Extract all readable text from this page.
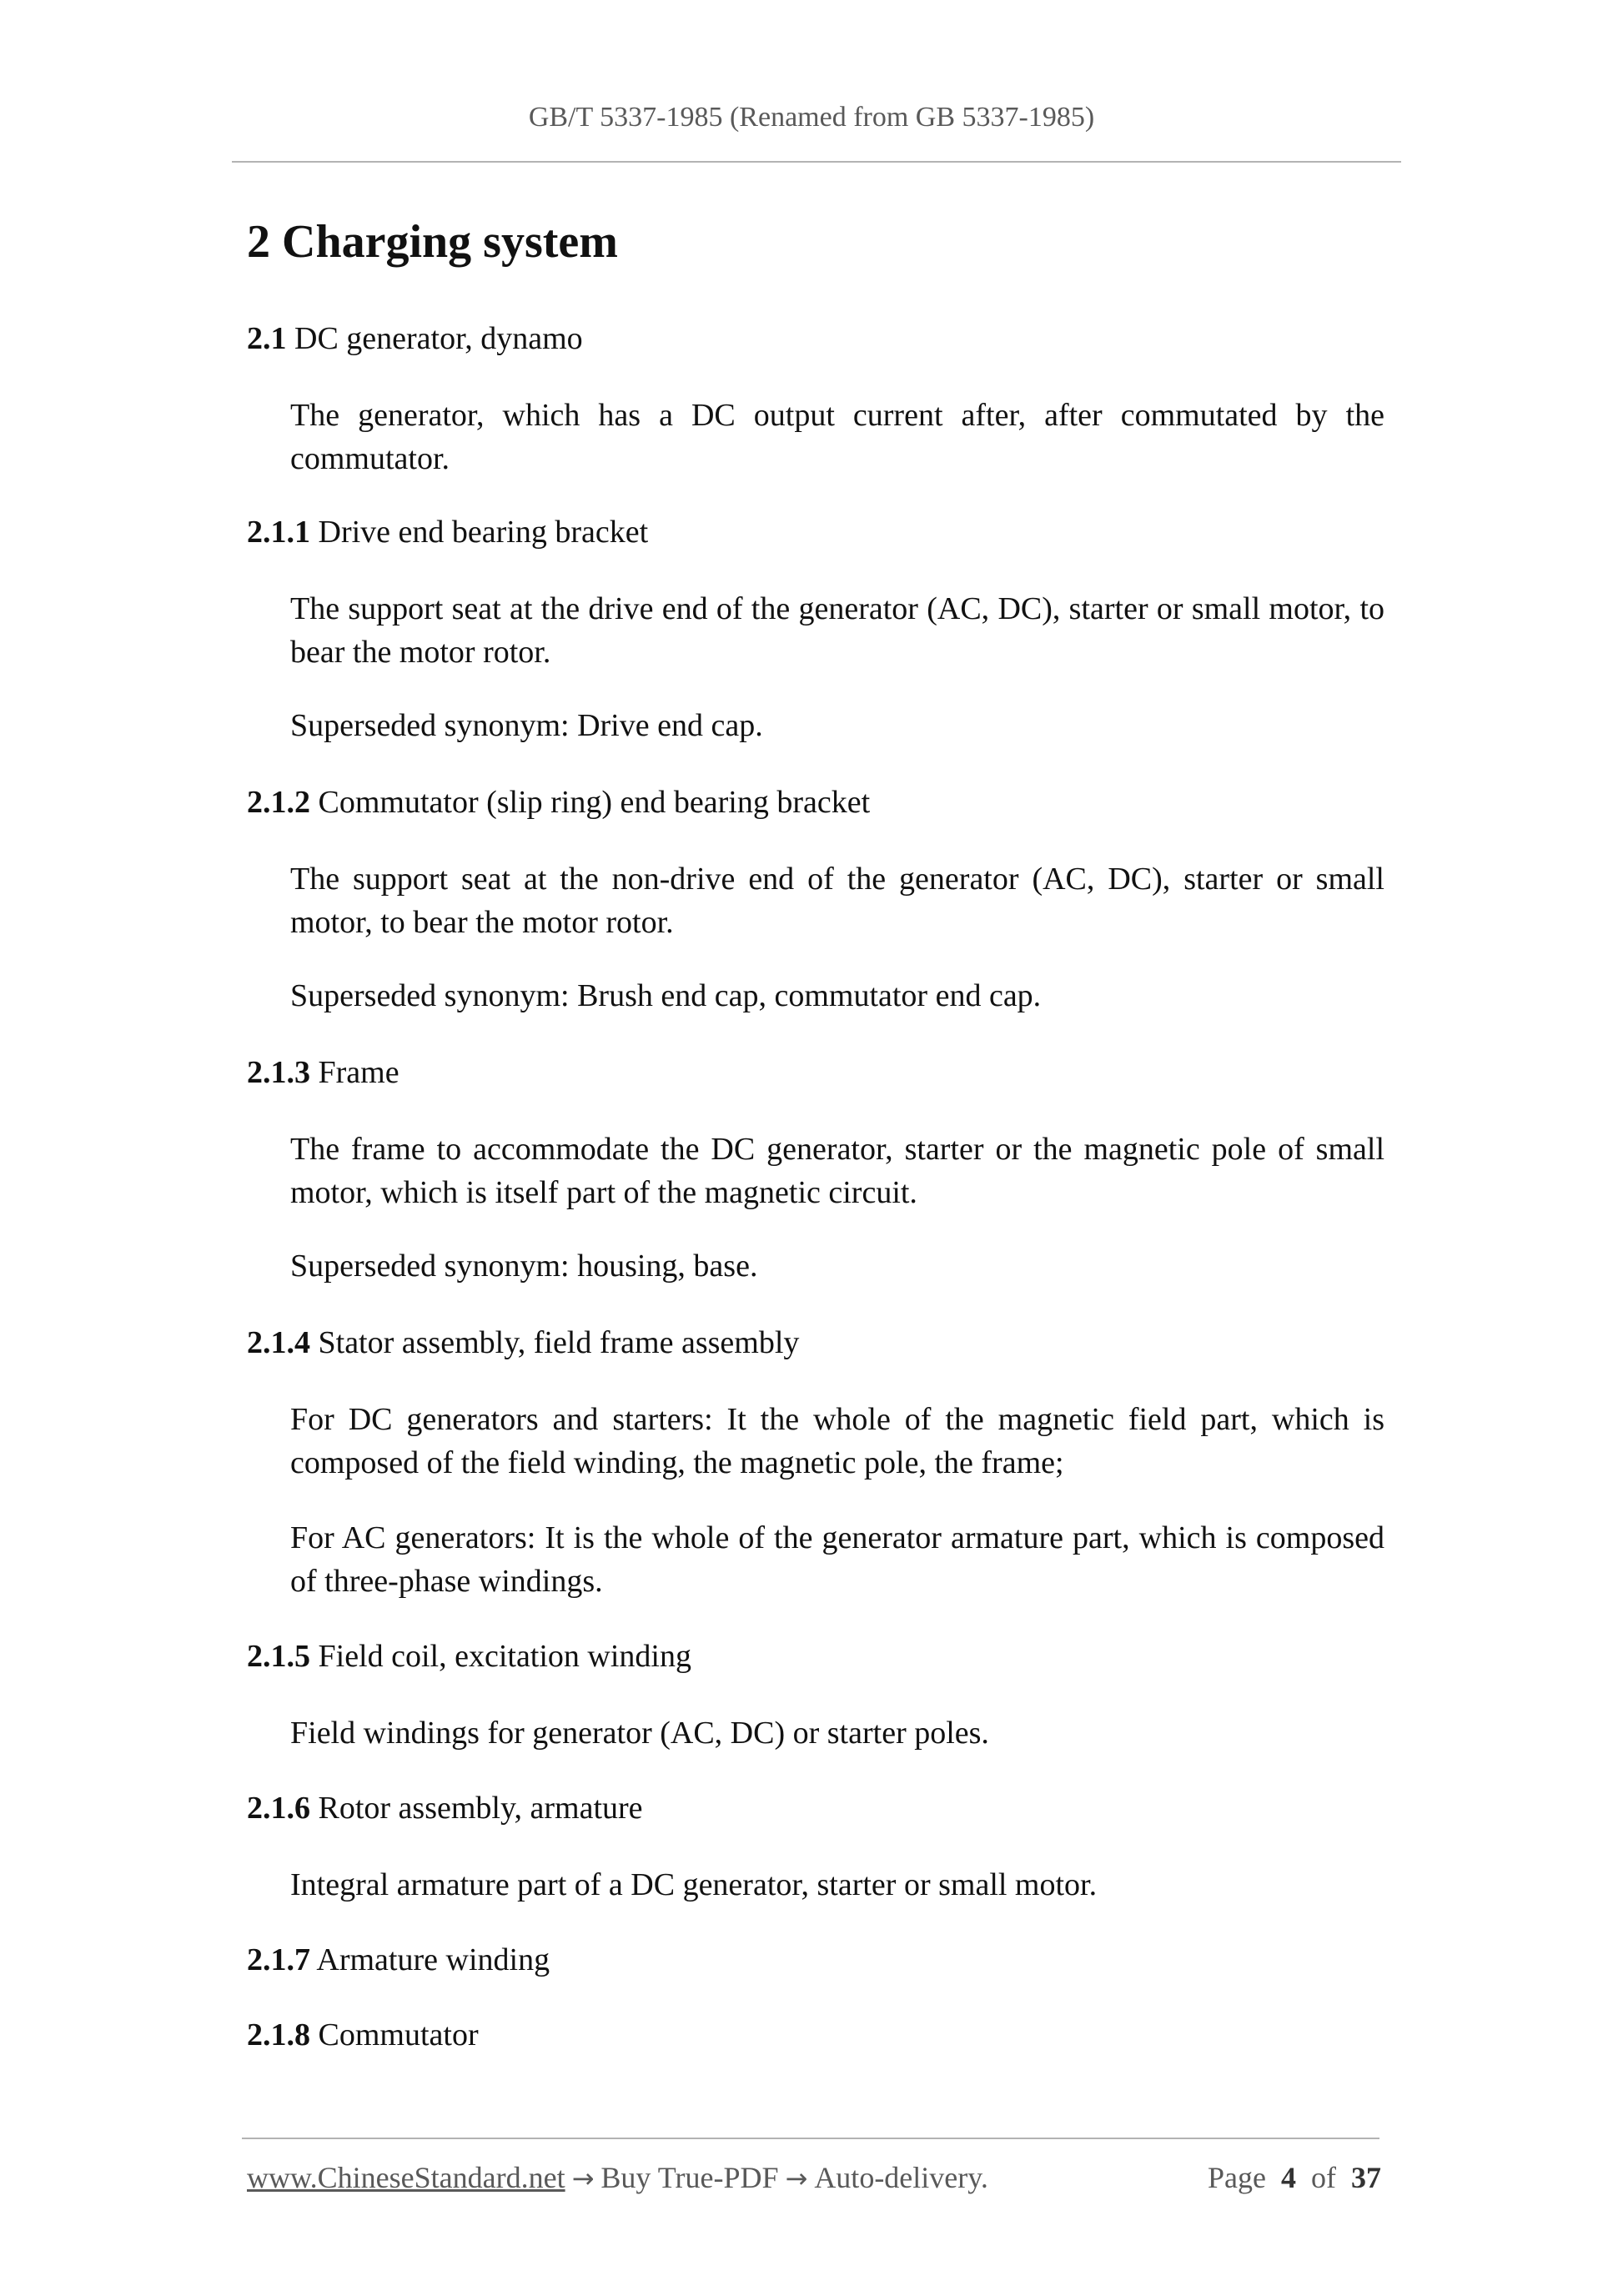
GB/T 5337-1985 (Renamed from GB 5337-1985)
2 Charging system
2.1 DC generator, dynamo
The generator, which has a DC output current after, after commutated by the commutator.
2.1.1 Drive end bearing bracket
The support seat at the drive end of the generator (AC, DC), starter or small motor, to bear the motor rotor.
Superseded synonym: Drive end cap.
2.1.2 Commutator (slip ring) end bearing bracket
The support seat at the non-drive end of the generator (AC, DC), starter or small motor, to bear the motor rotor.
Superseded synonym: Brush end cap, commutator end cap.
2.1.3 Frame
The frame to accommodate the DC generator, starter or the magnetic pole of small motor, which is itself part of the magnetic circuit.
Superseded synonym: housing, base.
2.1.4 Stator assembly, field frame assembly
For DC generators and starters: It the whole of the magnetic field part, which is composed of the field winding, the magnetic pole, the frame;
For AC generators: It is the whole of the generator armature part, which is composed of three-phase windings.
2.1.5 Field coil, excitation winding
Field windings for generator (AC, DC) or starter poles.
2.1.6 Rotor assembly, armature
Integral armature part of a DC generator, starter or small motor.
2.1.7 Armature winding
2.1.8 Commutator
www.ChineseStandard.net → Buy True-PDF → Auto-delivery.	Page 4 of 37
